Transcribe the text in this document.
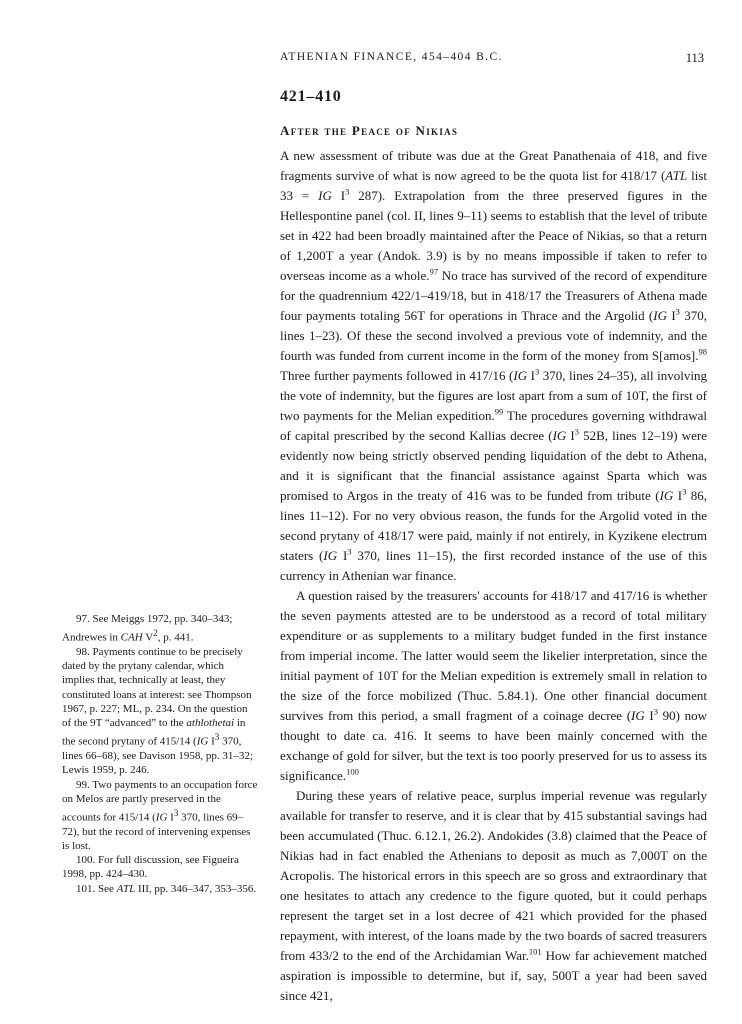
ATHENIAN FINANCE, 454–404 B.C.	113
421–410
After the Peace of Nikias

A new assessment of tribute was due at the Great Panathenaia of 418, and five fragments survive of what is now agreed to be the quota list for 418/17 (ATL list 33 = IG $I^3$ 287). Extrapolation from the three preserved figures in the Hellespontine panel (col. II, lines 9–11) seems to establish that the level of tribute set in 422 had been broadly maintained after the Peace of Nikias, so that a return of 1,200T a year (Andok. 3.9) is by no means impossible if taken to refer to overseas income as a whole.$^{97}$ No trace has survived of the record of expenditure for the quadrennium 422/1–419/18, but in 418/17 the Treasurers of Athena made four payments totaling 56T for operations in Thrace and the Argolid (IG $I^3$ 370, lines 1–23). Of these the second involved a previous vote of indemnity, and the fourth was funded from current income in the form of the money from S[amos].$^{98}$ Three further payments followed in 417/16 (IG $I^3$ 370, lines 24–35), all involving the vote of indemnity, but the figures are lost apart from a sum of 10T, the first of two payments for the Melian expedition.$^{99}$ The procedures governing withdrawal of capital prescribed by the second Kallias decree (IG $I^3$ 52B, lines 12–19) were evidently now being strictly observed pending liquidation of the debt to Athena, and it is significant that the financial assistance against Sparta which was promised to Argos in the treaty of 416 was to be funded from tribute (IG $I^3$ 86, lines 11–12). For no very obvious reason, the funds for the Argolid voted in the second prytany of 418/17 were paid, mainly if not entirely, in Kyzikene electrum staters (IG $I^3$ 370, lines 11–15), the first recorded instance of the use of this currency in Athenian war finance.

A question raised by the treasurers' accounts for 418/17 and 417/16 is whether the seven payments attested are to be understood as a record of total military expenditure or as supplements to a military budget funded in the first instance from imperial income. The latter would seem the likelier interpretation, since the initial payment of 10T for the Melian expedition is extremely small in relation to the size of the force mobilized (Thuc. 5.84.1). One other financial document survives from this period, a small fragment of a coinage decree (IG $I^3$ 90) now thought to date ca. 416. It seems to have been mainly concerned with the exchange of gold for silver, but the text is too poorly preserved for us to assess its significance.$^{100}$

During these years of relative peace, surplus imperial revenue was regularly available for transfer to reserve, and it is clear that by 415 substantial savings had been accumulated (Thuc. 6.12.1, 26.2). Andokides (3.8) claimed that the Peace of Nikias had in fact enabled the Athenians to deposit as much as 7,000T on the Acropolis. The historical errors in this speech are so gross and extraordinary that one hesitates to attach any credence to the figure quoted, but it could perhaps represent the target set in a lost decree of 421 which provided for the phased repayment, with interest, of the loans made by the two boards of sacred treasurers from 433/2 to the end of the Archidamian War.$^{101}$ How far achievement matched aspiration is impossible to determine, but if, say, 500T a year had been saved since 421,

97. See Meiggs 1972, pp. 340–343; Andrewes in CAH $V^2$, p. 441.

98. Payments continue to be precisely dated by the prytany calendar, which implies that, technically at least, they constituted loans at interest: see Thompson 1967, p. 227; ML, p. 234. On the question of the 9T “advanced” to the athlothetai in the second prytany of 415/14 (IG $I^3$ 370, lines 66–68), see Davison 1958, pp. 31–32; Lewis 1959, p. 246.

99. Two payments to an occupation force on Melos are partly preserved in the accounts for 415/14 (IG $I^3$ 370, lines 69–72), but the record of intervening expenses is lost.

100. For full discussion, see Figueira 1998, pp. 424–430.

101. See ATL III, pp. 346–347, 353–356.
